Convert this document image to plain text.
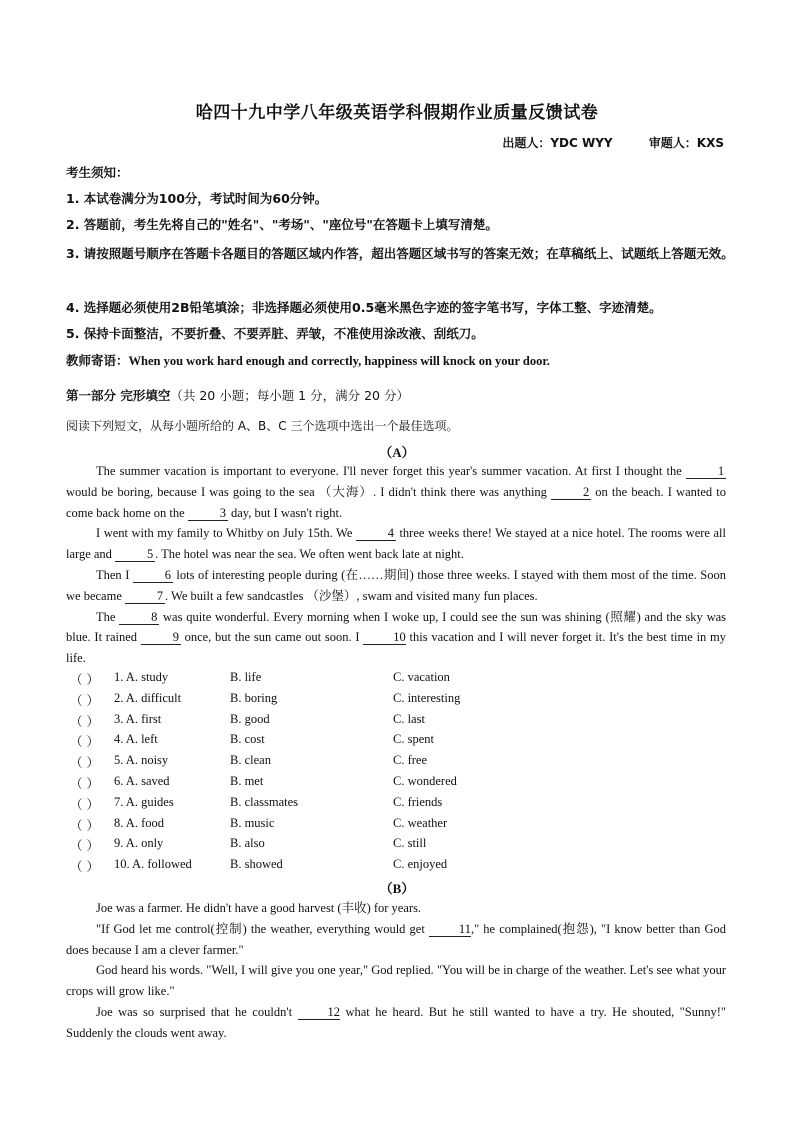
哈四十九中学八年级英语学科假期作业质量反馈试卷
出题人：YDC WYY	审题人：KXS
考生须知：
1. 本试卷满分为100分，考试时间为60分钟。
2. 答题前，考生先将自己的"姓名"、"考场"、"座位号"在答题卡上填写清楚。
3. 请按照题号顺序在答题卡各题目的答题区域内作答，超出答题区域书写的答案无效；在草稿纸上、试题纸上答题无效。
4. 选择题必须使用2B铅笔填涂；非选择题必须使用0.5毫米黑色字迹的签字笔书写，字体工整、字迹清楚。
5. 保持卡面整洁，不要折叠、不要弄脏、弄皱，不准使用涂改液、刮纸刀。
教师寄语：When you work hard enough and correctly, happiness will knock on your door.
第一部分 完形填空（共 20 小题；每小题 1 分，满分 20 分）
阅读下列短文，从每小题所给的 A、B、C 三个选项中选出一个最佳选项。
（A）

The summer vacation is important to everyone. I'll never forget this year's summer vacation. At first I thought the	1 would be boring, because I was going to the sea （大海）. I didn't think there was anything	2 on the beach. I wanted to come back home on the	3 day, but I wasn't right.

I went with my family to Whitby on July 15th. We	4 three weeks there! We stayed at a nice hotel. The rooms were all large and	5 . The hotel was near the sea. We often went back late at night.

Then I	6 lots of interesting people during (在……期间) those three weeks. I stayed with them most of the time. Soon we became	7 . We built a few sandcastles （沙堡）, swam and visited many fun places.

The	8 was quite wonderful. Every morning when I woke up, I could see the sun was shining (照耀) and the sky was blue. It rained	9 once, but the sun came out soon. I	10 this vacation and I will never forget it. It's the best time in my life.

（ ） 1. A. study	B. life	C. vacation
（ ） 2. A. difficult	B. boring	C. interesting
（ ） 3. A. first	B. good	C. last
（ ） 4. A. left	B. cost	C. spent
（ ） 5. A. noisy	B. clean	C. free
（ ） 6. A. saved	B. met	C. wondered
（ ） 7. A. guides	B. classmates	C. friends
（ ） 8. A. food	B. music	C. weather
（ ） 9. A. only	B. also	C. still
（ ） 10. A. followed	B. showed	C. enjoyed
（B）

Joe was a farmer. He didn't have a good harvest (丰收) for years.

"If God let me control(控制) the weather, everything would get	11," he complained(抱怨), "I know better than God does because I am a clever farmer."

God heard his words. "Well, I will give you one year," God replied. "You will be in charge of the weather. Let's see what your crops will grow like."

Joe was so surprised that he couldn't	12 what he heard. But he still wanted to have a try. He shouted, "Sunny!" Suddenly the clouds went away.
